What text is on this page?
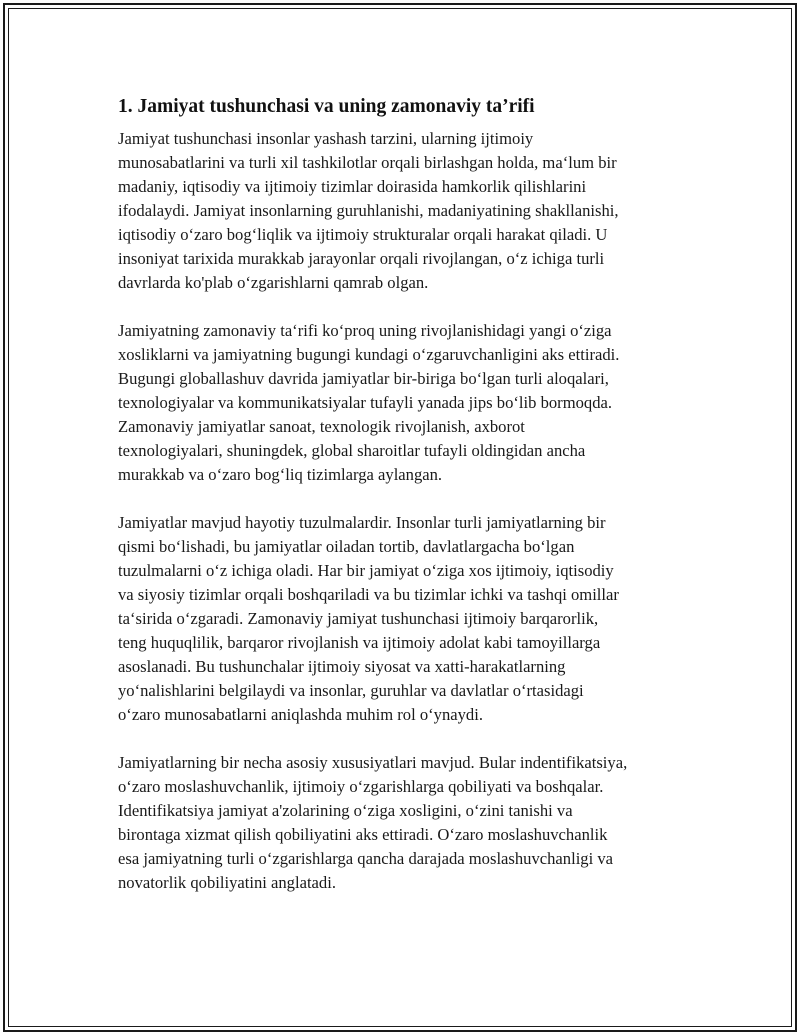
1. Jamiyat tushunchasi va uning zamonaviy ta’rifi
Jamiyat tushunchasi insonlar yashash tarzini, ularning ijtimoiy
munosabatlarini va turli xil tashkilotlar orqali birlashgan holda, maʻlum bir
madaniy, iqtisodiy va ijtimoiy tizimlar doirasida hamkorlik qilishlarini
ifodalaydi. Jamiyat insonlarning guruhlanishi, madaniyatining shakllanishi,
iqtisodiy oʻzaro bogʻliqlik va ijtimoiy strukturalar orqali harakat qiladi. U
insoniyat tarixida murakkab jarayonlar orqali rivojlangan, oʻz ichiga turli
davrlarda ko'plab oʻzgarishlarni qamrab olgan.
Jamiyatning zamonaviy taʻrifi koʻproq uning rivojlanishidagi yangi oʻziga
xosliklarni va jamiyatning bugungi kundagi oʻzgaruvchanligini aks ettiradi.
Bugungi globallashuv davrida jamiyatlar bir-biriga boʻlgan turli aloqalari,
texnologiyalar va kommunikatsiyalar tufayli yanada jips boʻlib bormoqda.
Zamonaviy jamiyatlar sanoat, texnologik rivojlanish, axborot
texnologiyalari, shuningdek, global sharoitlar tufayli oldingidan ancha
murakkab va oʻzaro bogʻliq tizimlarga aylangan.
Jamiyatlar mavjud hayotiy tuzulmalardir. Insonlar turli jamiyatlarning bir
qismi boʻlishadi, bu jamiyatlar oiladan tortib, davlatlargacha boʻlgan
tuzulmalarni oʻz ichiga oladi. Har bir jamiyat oʻziga xos ijtimoiy, iqtisodiy
va siyosiy tizimlar orqali boshqariladi va bu tizimlar ichki va tashqi omillar
taʻsirida oʻzgaradi. Zamonaviy jamiyat tushunchasi ijtimoiy barqarorlik,
teng huquqlilik, barqaror rivojlanish va ijtimoiy adolat kabi tamoyillarga
asoslanadi. Bu tushunchalar ijtimoiy siyosat va xatti-harakatlarning
yoʻnalishlarini belgilaydi va insonlar, guruhlar va davlatlar oʻrtasidagi
oʻzaro munosabatlarni aniqlashda muhim rol oʻynaydi.
Jamiyatlarning bir necha asosiy xususiyatlari mavjud. Bular indentifikatsiya,
oʻzaro moslashuvchanlik, ijtimoiy oʻzgarishlarga qobiliyati va boshqalar.
Identifikatsiya jamiyat a'zolarining oʻziga xosligini, oʻzini tanishi va
birontaga xizmat qilish qobiliyatini aks ettiradi. Oʻzaro moslashuvchanlik
esa jamiyatning turli oʻzgarishlarga qancha darajada moslashuvchanligi va
novatorlik qobiliyatini anglatadi.
